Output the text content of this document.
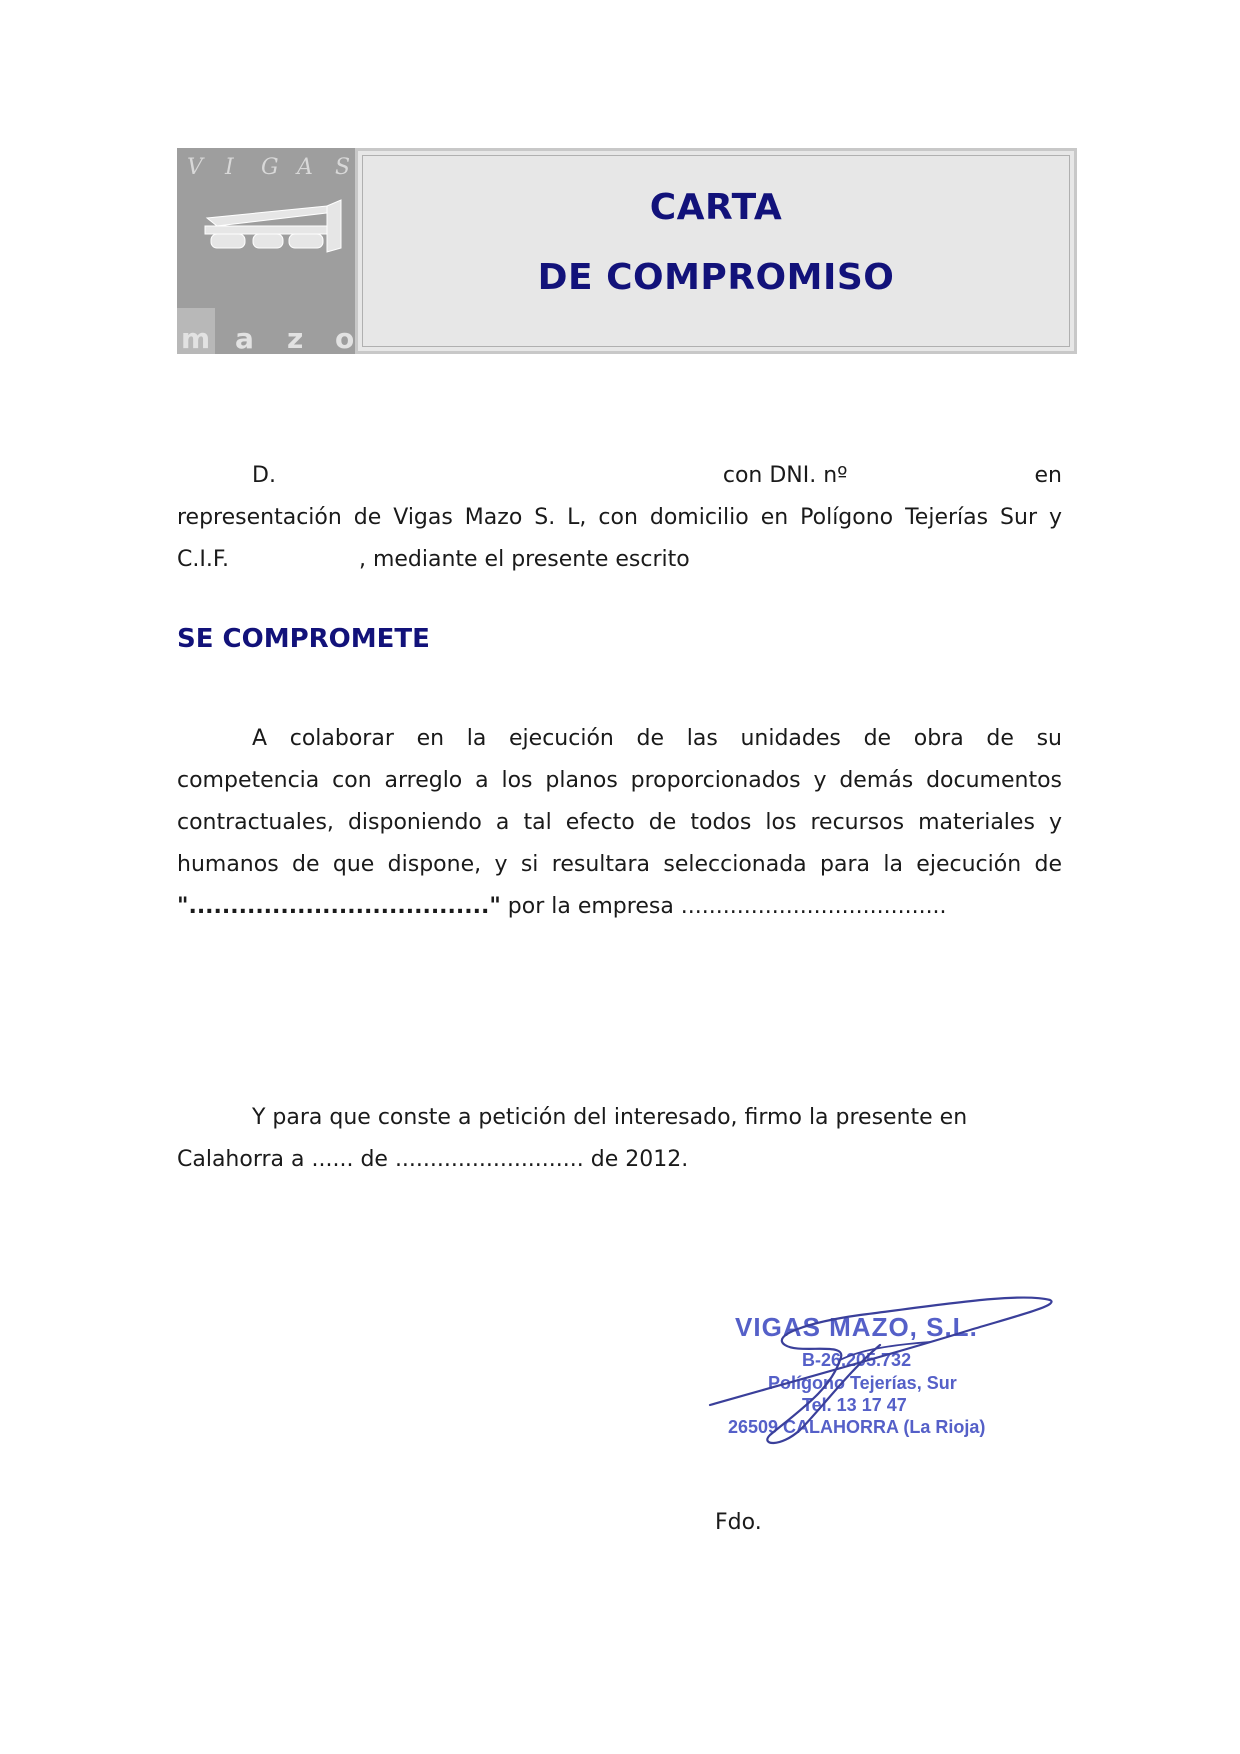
V I G A S
m a z o
CARTA
DE COMPROMISO
D.	con DNI. nº	en
representación de Vigas Mazo S. L, con domicilio en Polígono Tejerías Sur y
C.I.F.	, mediante el presente escrito
SE COMPROMETE
A colaborar en la ejecución de las unidades de obra de su
competencia con arreglo a los planos proporcionados y demás documentos
contractuales, disponiendo a tal efecto de todos los recursos materiales y
humanos de que dispone, y si resultara seleccionada para la ejecución de
"...................................." por la empresa ......................................
Y para que conste a petición del interesado, firmo la presente en
Calahorra a ...... de ........................... de 2012.
VIGAS MAZO, S.L.
B-26.205.732
Polígono Tejerías, Sur
Tel. 13 17 47
26509 CALAHORRA (La Rioja)
Fdo.
